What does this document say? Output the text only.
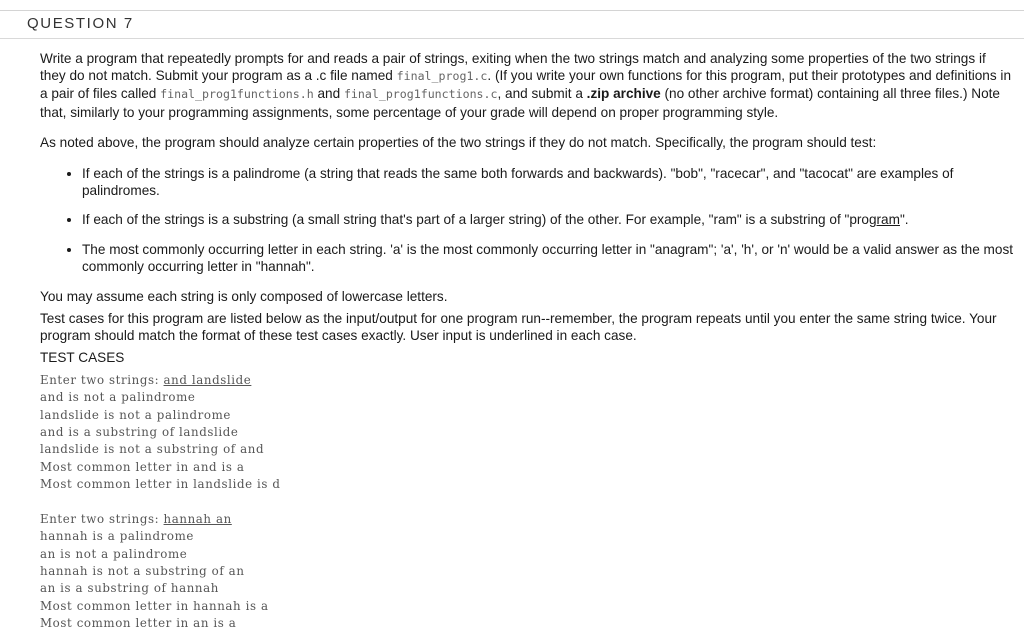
QUESTION 7

Write a program that repeatedly prompts for and reads a pair of strings, exiting when the two strings match and analyzing some properties of the two strings if they do not match. Submit your program as a .c file named final_prog1.c. (If you write your own functions for this program, put their prototypes and definitions in a pair of files called final_prog1functions.h and final_prog1functions.c, and submit a .zip archive (no other archive format) containing all three files.) Note that, similarly to your programming assignments, some percentage of your grade will depend on proper programming style.

As noted above, the program should analyze certain properties of the two strings if they do not match. Specifically, the program should test:

• If each of the strings is a palindrome (a string that reads the same both forwards and backwards). "bob", "racecar", and "tacocat" are examples of palindromes.
• If each of the strings is a substring (a small string that's part of a larger string) of the other. For example, "ram" is a substring of "program".
• The most commonly occurring letter in each string. 'a' is the most commonly occurring letter in "anagram"; 'a', 'h', or 'n' would be a valid answer as the most commonly occurring letter in "hannah".

You may assume each string is only composed of lowercase letters.

Test cases for this program are listed below as the input/output for one program run--remember, the program repeats until you enter the same string twice. Your program should match the format of these test cases exactly. User input is underlined in each case.

TEST CASES

Enter two strings: and landslide
and is not a palindrome
landslide is not a palindrome
and is a substring of landslide
landslide is not a substring of and
Most common letter in and is a
Most common letter in landslide is d
Enter two strings: hannah an
hannah is a palindrome
an is not a palindrome
hannah is not a substring of an
an is a substring of hannah
Most common letter in hannah is a
Most common letter in an is a
